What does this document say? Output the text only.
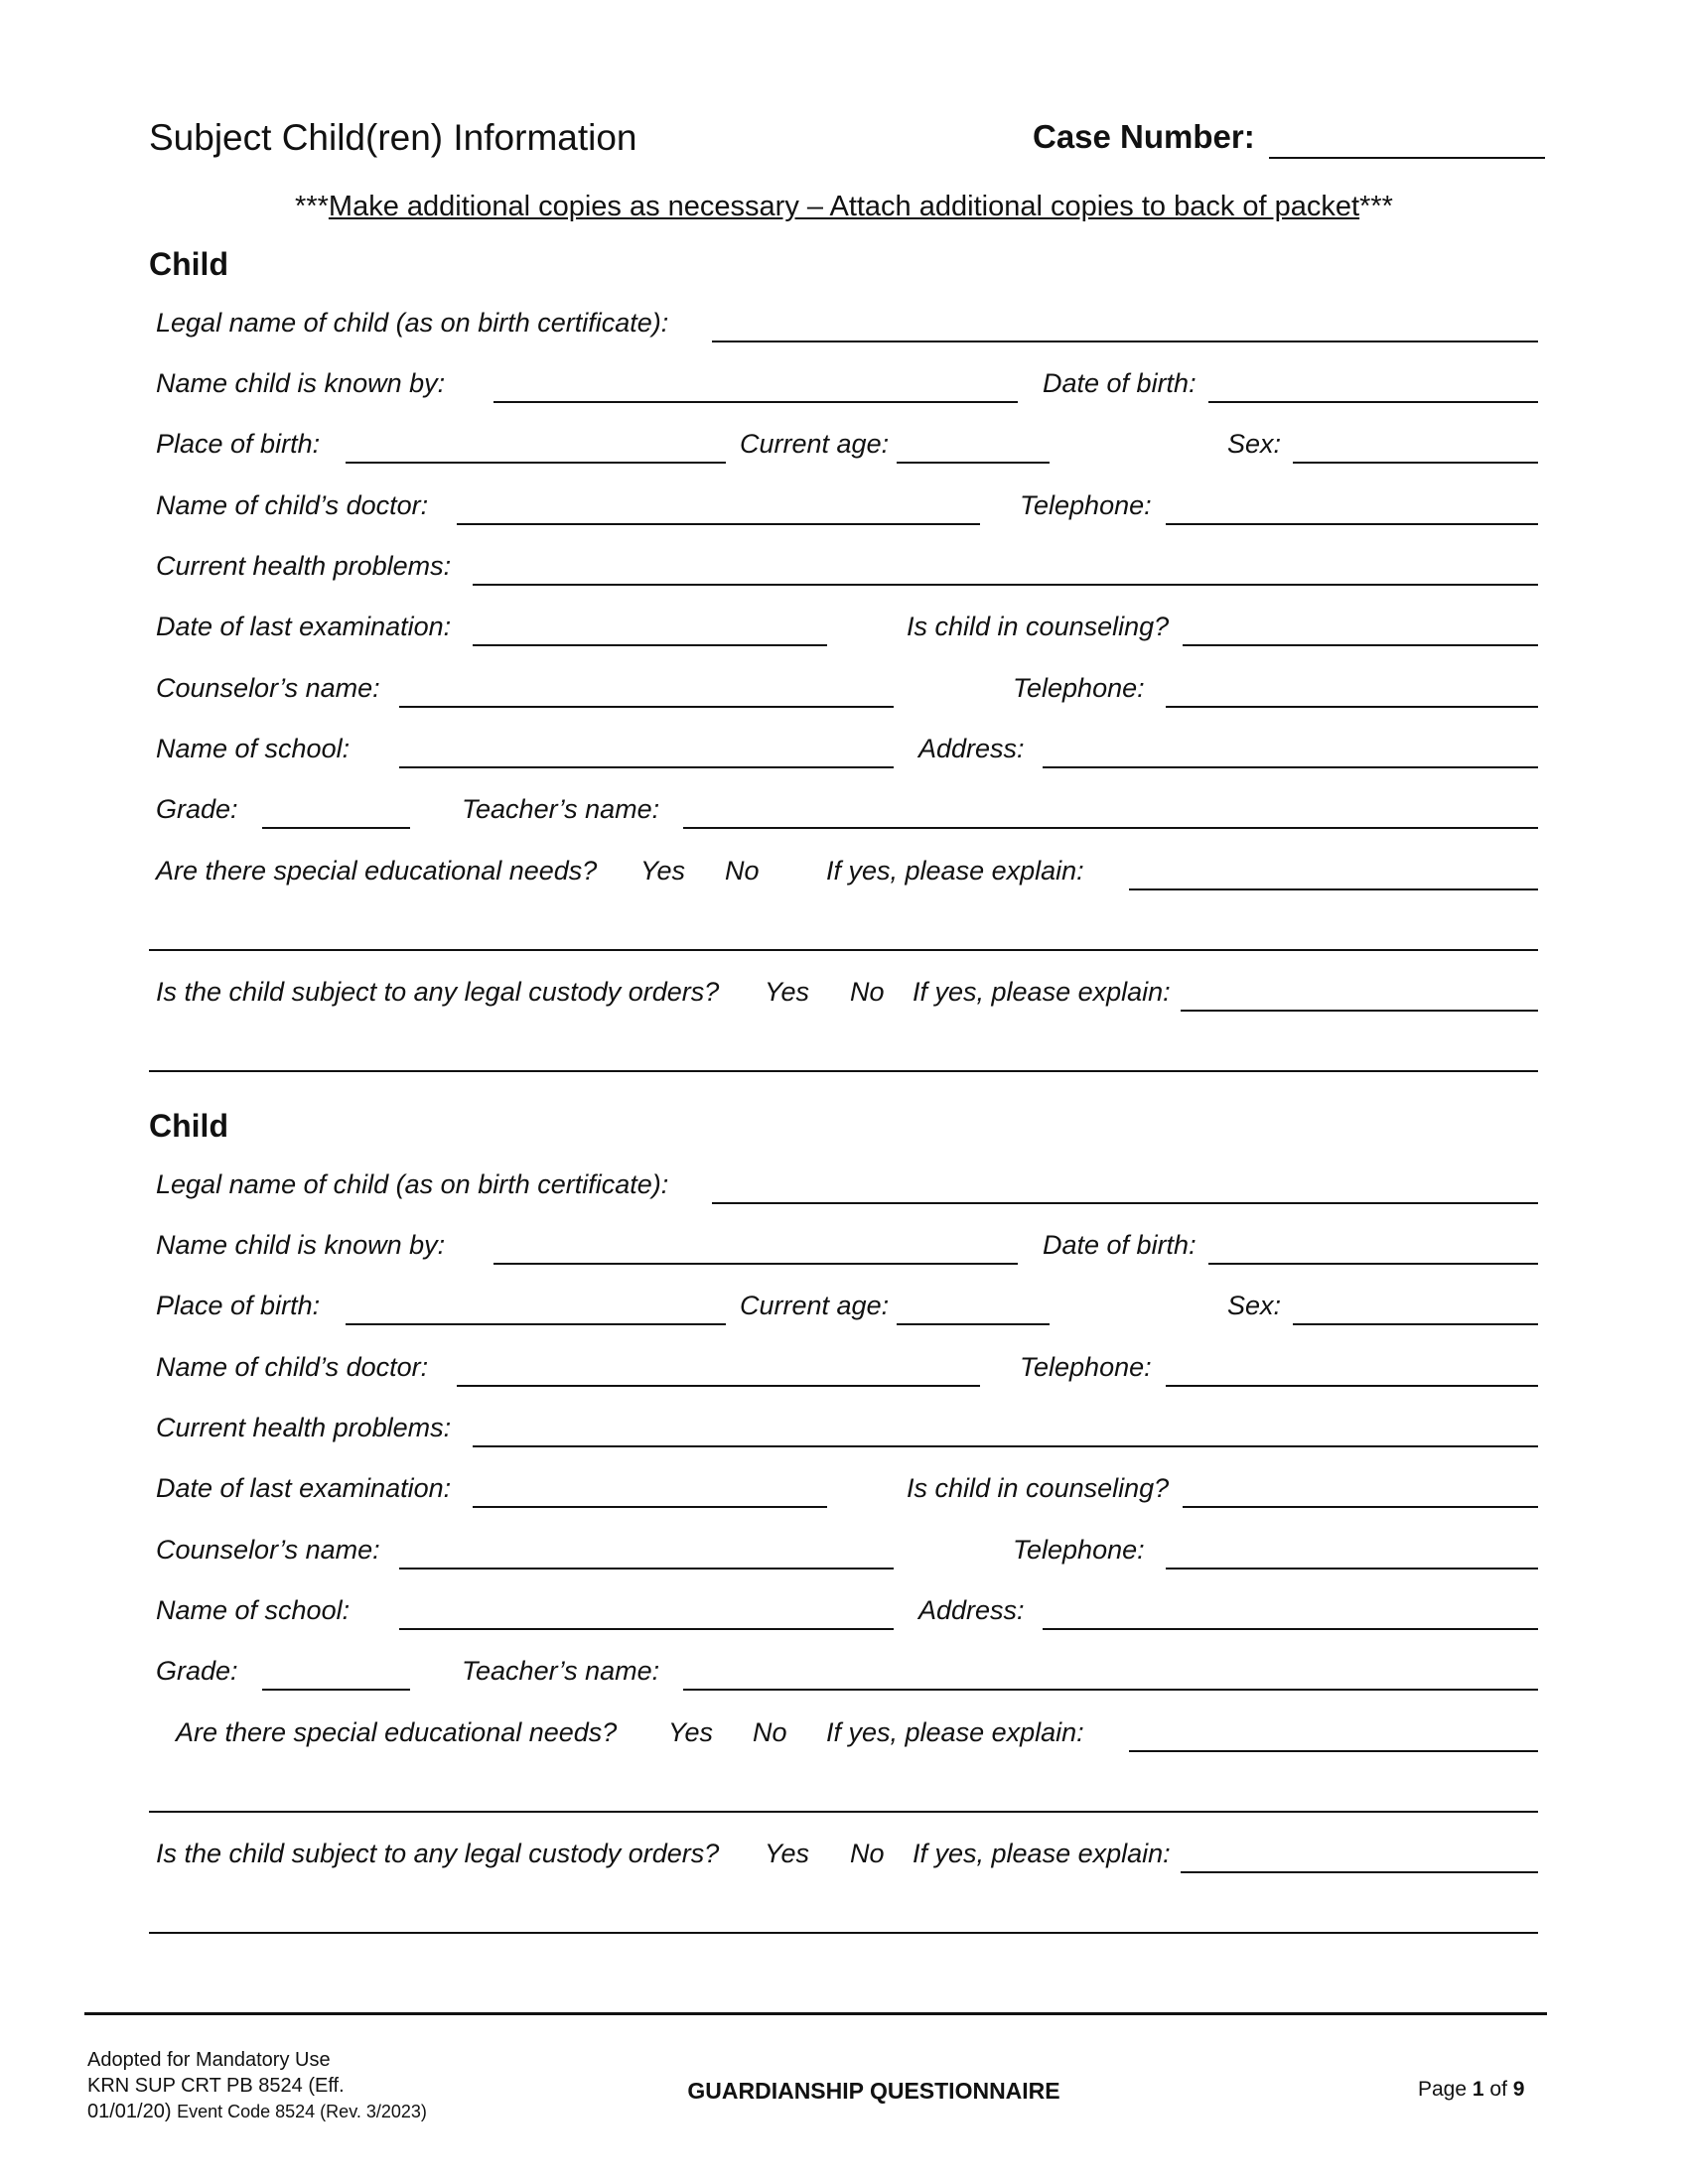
Subject Child(ren) Information	Case Number:
***Make additional copies as necessary – Attach additional copies to back of packet***
Child
Legal name of child (as on birth certificate):
Name child is known by:	Date of birth:
Place of birth:	Current age:	Sex:
Name of child’s doctor:	Telephone:
Current health problems:
Date of last examination:	Is child in counseling?
Counselor’s name:	Telephone:
Name of school:	Address:
Grade:	Teacher’s name:
Are there special educational needs? Yes No If yes, please explain:
Is the child subject to any legal custody orders? Yes No If yes, please explain:
Child
Legal name of child (as on birth certificate):
Name child is known by:	Date of birth:
Place of birth:	Current age:	Sex:
Name of child’s doctor:	Telephone:
Current health problems:
Date of last examination:	Is child in counseling?
Counselor’s name:	Telephone:
Name of school:	Address:
Grade:	Teacher’s name:
Are there special educational needs? Yes No If yes, please explain:
Is the child subject to any legal custody orders? Yes No If yes, please explain:
Adopted for Mandatory Use
KRN SUP CRT PB 8524 (Eff.
01/01/20) Event Code 8524 (Rev. 3/2023)
GUARDIANSHIP QUESTIONNAIRE	Page 1 of 9
